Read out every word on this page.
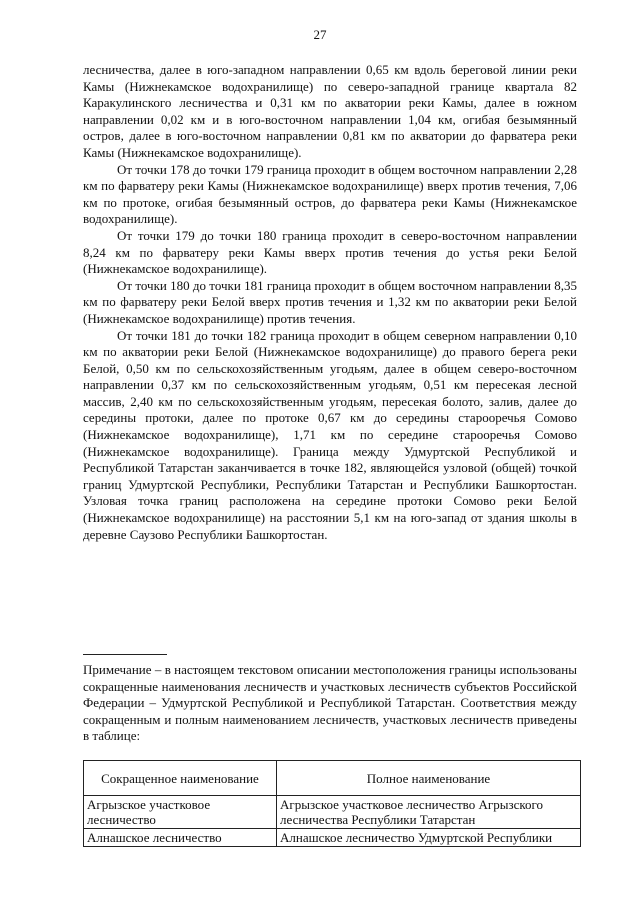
27

лесничества, далее в юго-западном направлении 0,65 км вдоль береговой линии реки Камы (Нижнекамское водохранилище) по северо-западной границе квартала 82 Каракулинского лесничества и 0,31 км по акватории реки Камы, далее в южном направлении 0,02 км и в юго-восточном направлении 1,04 км, огибая безымянный остров, далее в юго-восточном направлении 0,81 км по акватории до фарватера реки Камы (Нижнекамское водохранилище).

От точки 178 до точки 179 граница проходит в общем восточном направлении 2,28 км по фарватеру реки Камы (Нижнекамское водохранилище) вверх против течения, 7,06 км по протоке, огибая безымянный остров, до фарватера реки Камы (Нижнекамское водохранилище).

От точки 179 до точки 180 граница проходит в северо-восточном направлении 8,24 км по фарватеру реки Камы вверх против течения до устья реки Белой (Нижнекамское водохранилище).

От точки 180 до точки 181 граница проходит в общем восточном направлении 8,35 км по фарватеру реки Белой вверх против течения и 1,32 км по акватории реки Белой (Нижнекамское водохранилище) против течения.

От точки 181 до точки 182 граница проходит в общем северном направлении 0,10 км по акватории реки Белой (Нижнекамское водохранилище) до правого берега реки Белой, 0,50 км по сельскохозяйственным угодьям, далее в общем северо-восточном направлении 0,37 км по сельскохозяйственным угодьям, 0,51 км пересекая лесной массив, 2,40 км по сельскохозяйственным угодьям, пересекая болото, залив, далее до середины протоки, далее по протоке 0,67 км до середины старооречья Сомово (Нижнекамское водохранилище), 1,71 км по середине старооречья Сомово (Нижнекамское водохранилище). Граница между Удмуртской Республикой и Республикой Татарстан заканчивается в точке 182, являющейся узловой (общей) точкой границ Удмуртской Республики, Республики Татарстан и Республики Башкортостан. Узловая точка границ расположена на середине протоки Сомово реки Белой (Нижнекамское водохранилище) на расстоянии 5,1 км на юго-запад от здания школы в деревне Саузово Республики Башкортостан.

Примечание – в настоящем текстовом описании местоположения границы использованы сокращенные наименования лесничеств и участковых лесничеств субъектов Российской Федерации – Удмуртской Республикой и Республикой Татарстан. Соответствия между сокращенным и полным наименованием лесничеств, участковых лесничеств приведены в таблице:

Сокращенное наименование	Полное наименование
Агрызское участковое лесничество	Агрызское участковое лесничество Агрызского лесничества Республики Татарстан
Алнашское лесничество	Алнашское лесничество Удмуртской Республики
